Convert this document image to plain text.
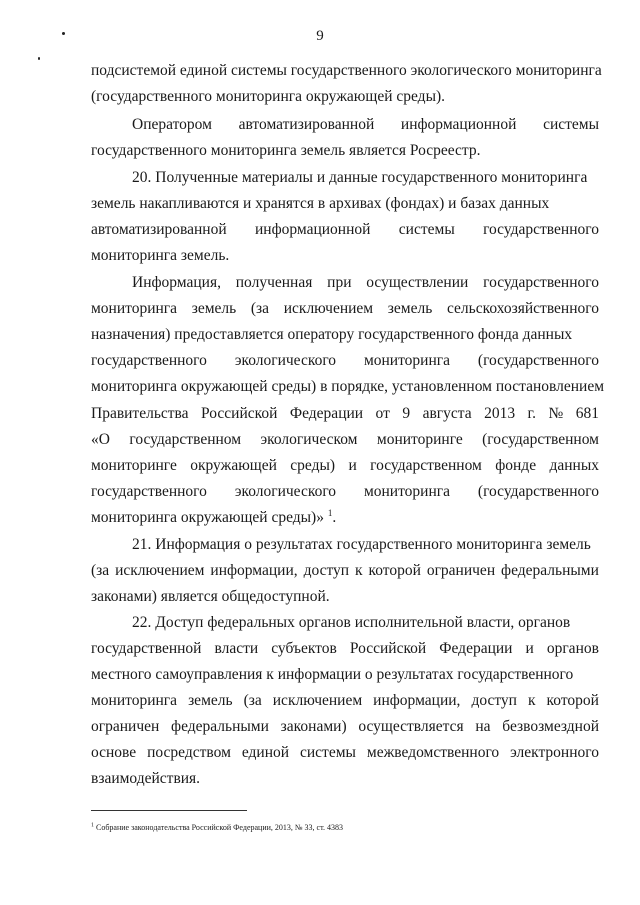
9
подсистемой единой системы государственного экологического мониторинга
(государственного мониторинга окружающей среды).
Оператором автоматизированной информационной системы
государственного мониторинга земель является Росреестр.
20. Полученные материалы и данные государственного мониторинга
земель накапливаются и хранятся в архивах (фондах) и базах данных
автоматизированной информационной системы государственного
мониторинга земель.
Информация, полученная при осуществлении государственного
мониторинга земель (за исключением земель сельскохозяйственного
назначения) предоставляется оператору государственного фонда данных
государственного экологического мониторинга (государственного
мониторинга окружающей среды) в порядке, установленном постановлением
Правительства Российской Федерации от 9 августа 2013 г. № 681
«О государственном экологическом мониторинге (государственном
мониторинге окружающей среды) и государственном фонде данных
государственного экологического мониторинга (государственного
мониторинга окружающей среды)» $^1$.
21. Информация о результатах государственного мониторинга земель
(за исключением информации, доступ к которой ограничен федеральными
законами) является общедоступной.
22. Доступ федеральных органов исполнительной власти, органов
государственной власти субъектов Российской Федерации и органов
местного самоуправления к информации о результатах государственного
мониторинга земель (за исключением информации, доступ к которой
ограничен федеральными законами) осуществляется на безвозмездной
основе посредством единой системы межведомственного электронного
взаимодействия.
$^1$ Собрание законодательства Российской Федерации, 2013, № 33, ст. 4383
